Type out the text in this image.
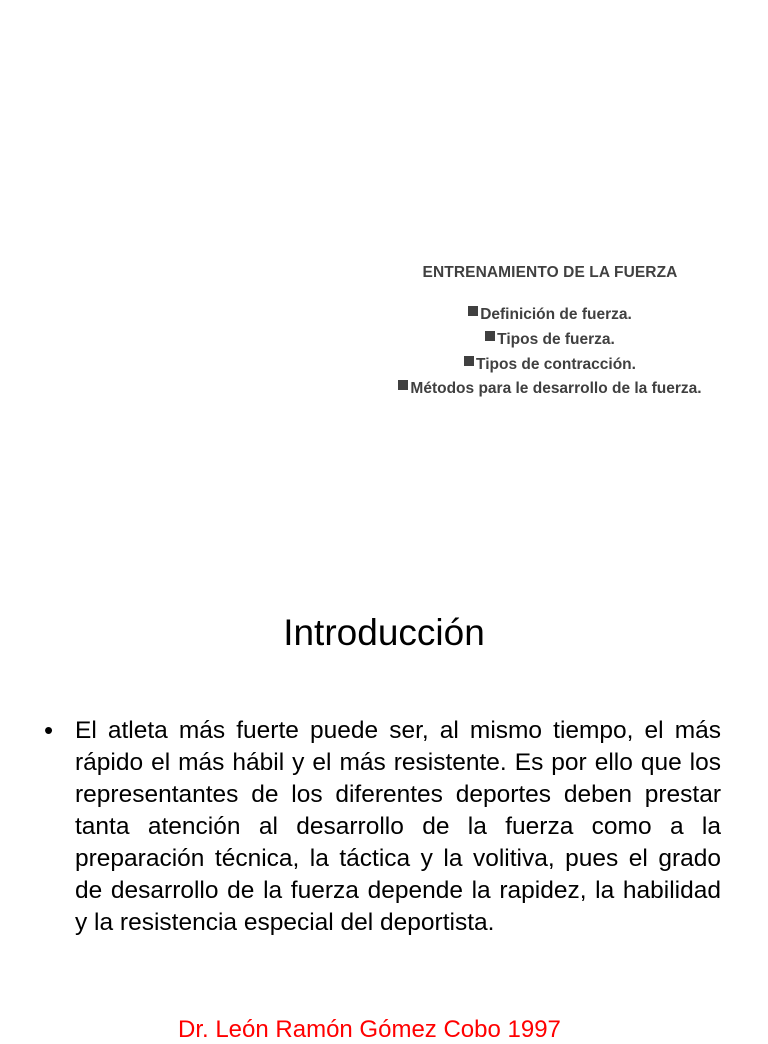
ENTRENAMIENTO DE LA FUERZA
Definición de fuerza.
Tipos de fuerza.
Tipos de contracción.
Métodos para le desarrollo de la fuerza.
Introducción
• El atleta más fuerte puede ser, al mismo tiempo, el más rápido el más hábil y el más resistente. Es por ello que los representantes de los diferentes deportes deben prestar tanta atención al desarrollo de la fuerza como a la preparación técnica, la táctica y la volitiva, pues el grado de desarrollo de la fuerza depende la rapidez, la habilidad y la resistencia especial del deportista.
Dr. León Ramón Gómez Cobo 1997
